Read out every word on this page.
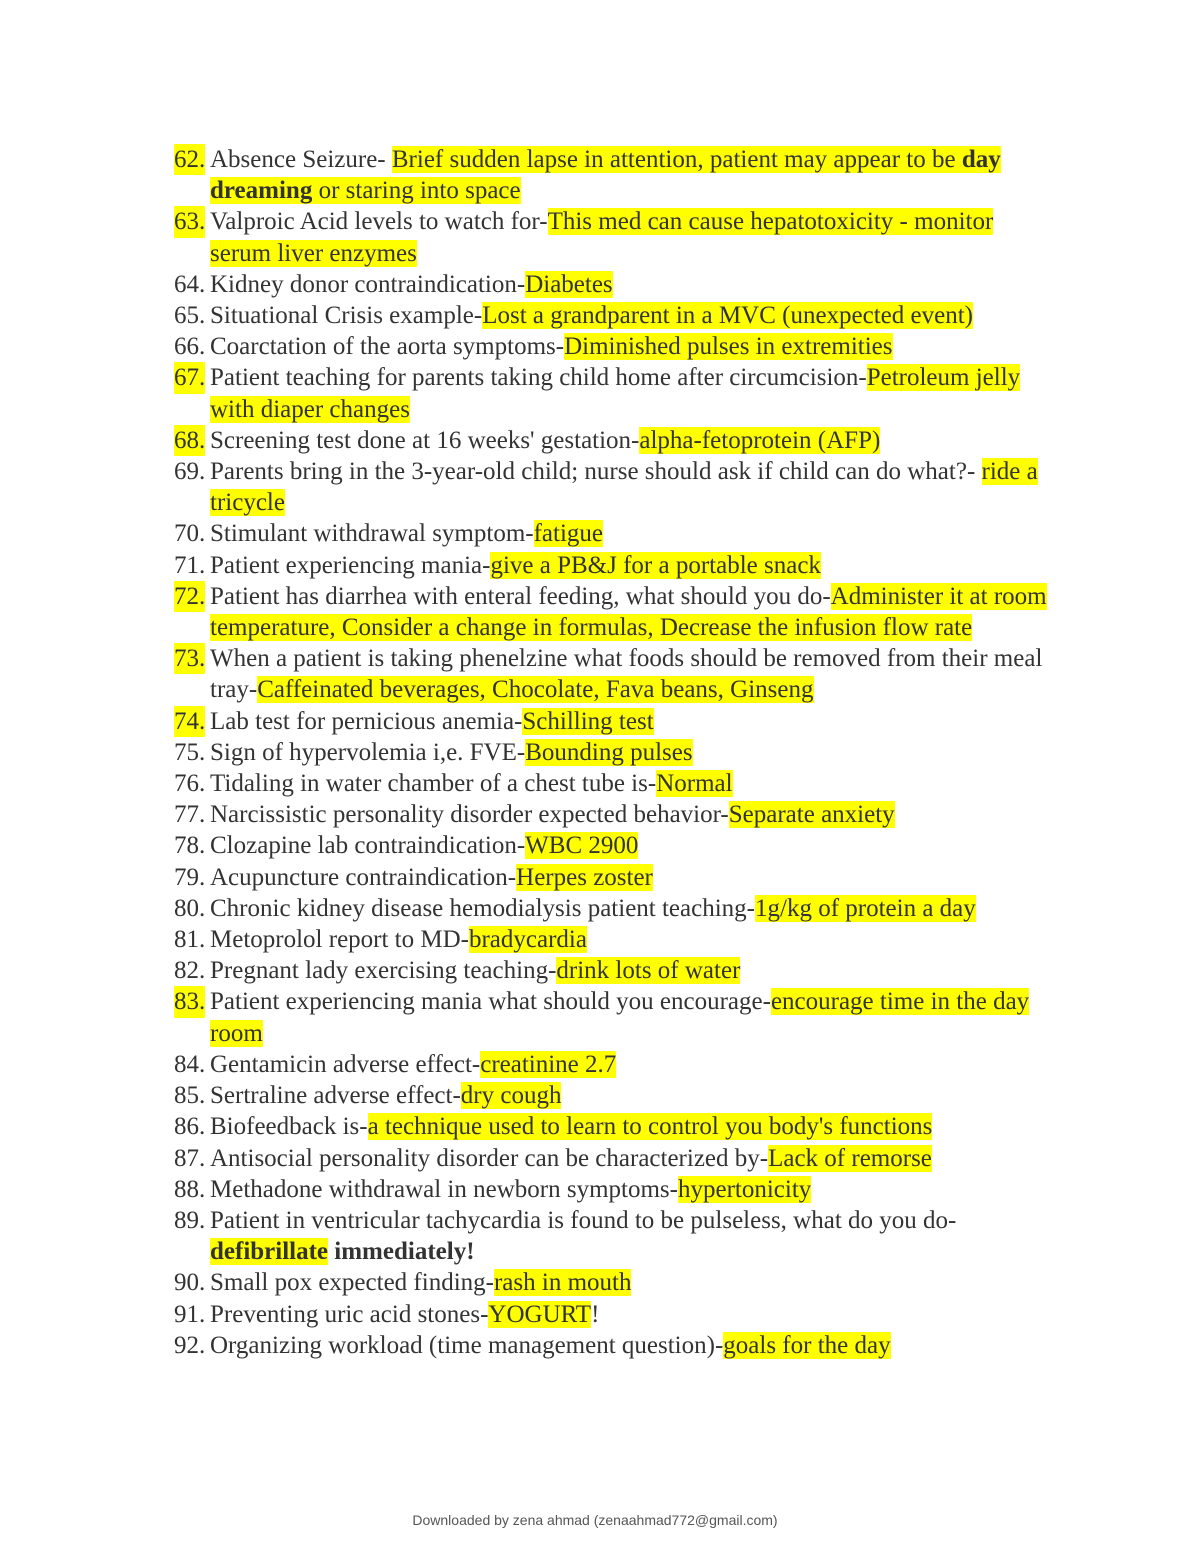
62. Absence Seizure- Brief sudden lapse in attention, patient may appear to be day dreaming or staring into space
63. Valproic Acid levels to watch for-This med can cause hepatotoxicity - monitor serum liver enzymes
64. Kidney donor contraindication-Diabetes
65. Situational Crisis example-Lost a grandparent in a MVC (unexpected event)
66. Coarctation of the aorta symptoms-Diminished pulses in extremities
67. Patient teaching for parents taking child home after circumcision-Petroleum jelly with diaper changes
68. Screening test done at 16 weeks' gestation-alpha-fetoprotein (AFP)
69. Parents bring in the 3-year-old child; nurse should ask if child can do what?- ride a tricycle
70. Stimulant withdrawal symptom-fatigue
71. Patient experiencing mania-give a PB&J for a portable snack
72. Patient has diarrhea with enteral feeding, what should you do-Administer it at room temperature, Consider a change in formulas, Decrease the infusion flow rate
73. When a patient is taking phenelzine what foods should be removed from their meal tray-Caffeinated beverages, Chocolate, Fava beans, Ginseng
74. Lab test for pernicious anemia-Schilling test
75. Sign of hypervolemia i,e. FVE-Bounding pulses
76. Tidaling in water chamber of a chest tube is-Normal
77. Narcissistic personality disorder expected behavior-Separate anxiety
78. Clozapine lab contraindication-WBC 2900
79. Acupuncture contraindication-Herpes zoster
80. Chronic kidney disease hemodialysis patient teaching-1g/kg of protein a day
81. Metoprolol report to MD-bradycardia
82. Pregnant lady exercising teaching-drink lots of water
83. Patient experiencing mania what should you encourage-encourage time in the day room
84. Gentamicin adverse effect-creatinine 2.7
85. Sertraline adverse effect-dry cough
86. Biofeedback is-a technique used to learn to control you body's functions
87. Antisocial personality disorder can be characterized by-Lack of remorse
88. Methadone withdrawal in newborn symptoms-hypertonicity
89. Patient in ventricular tachycardia is found to be pulseless, what do you do- defibrillate immediately!
90. Small pox expected finding-rash in mouth
91. Preventing uric acid stones-YOGURT!
92. Organizing workload (time management question)-goals for the day
Downloaded by zena ahmad (zenaahmad772@gmail.com)
